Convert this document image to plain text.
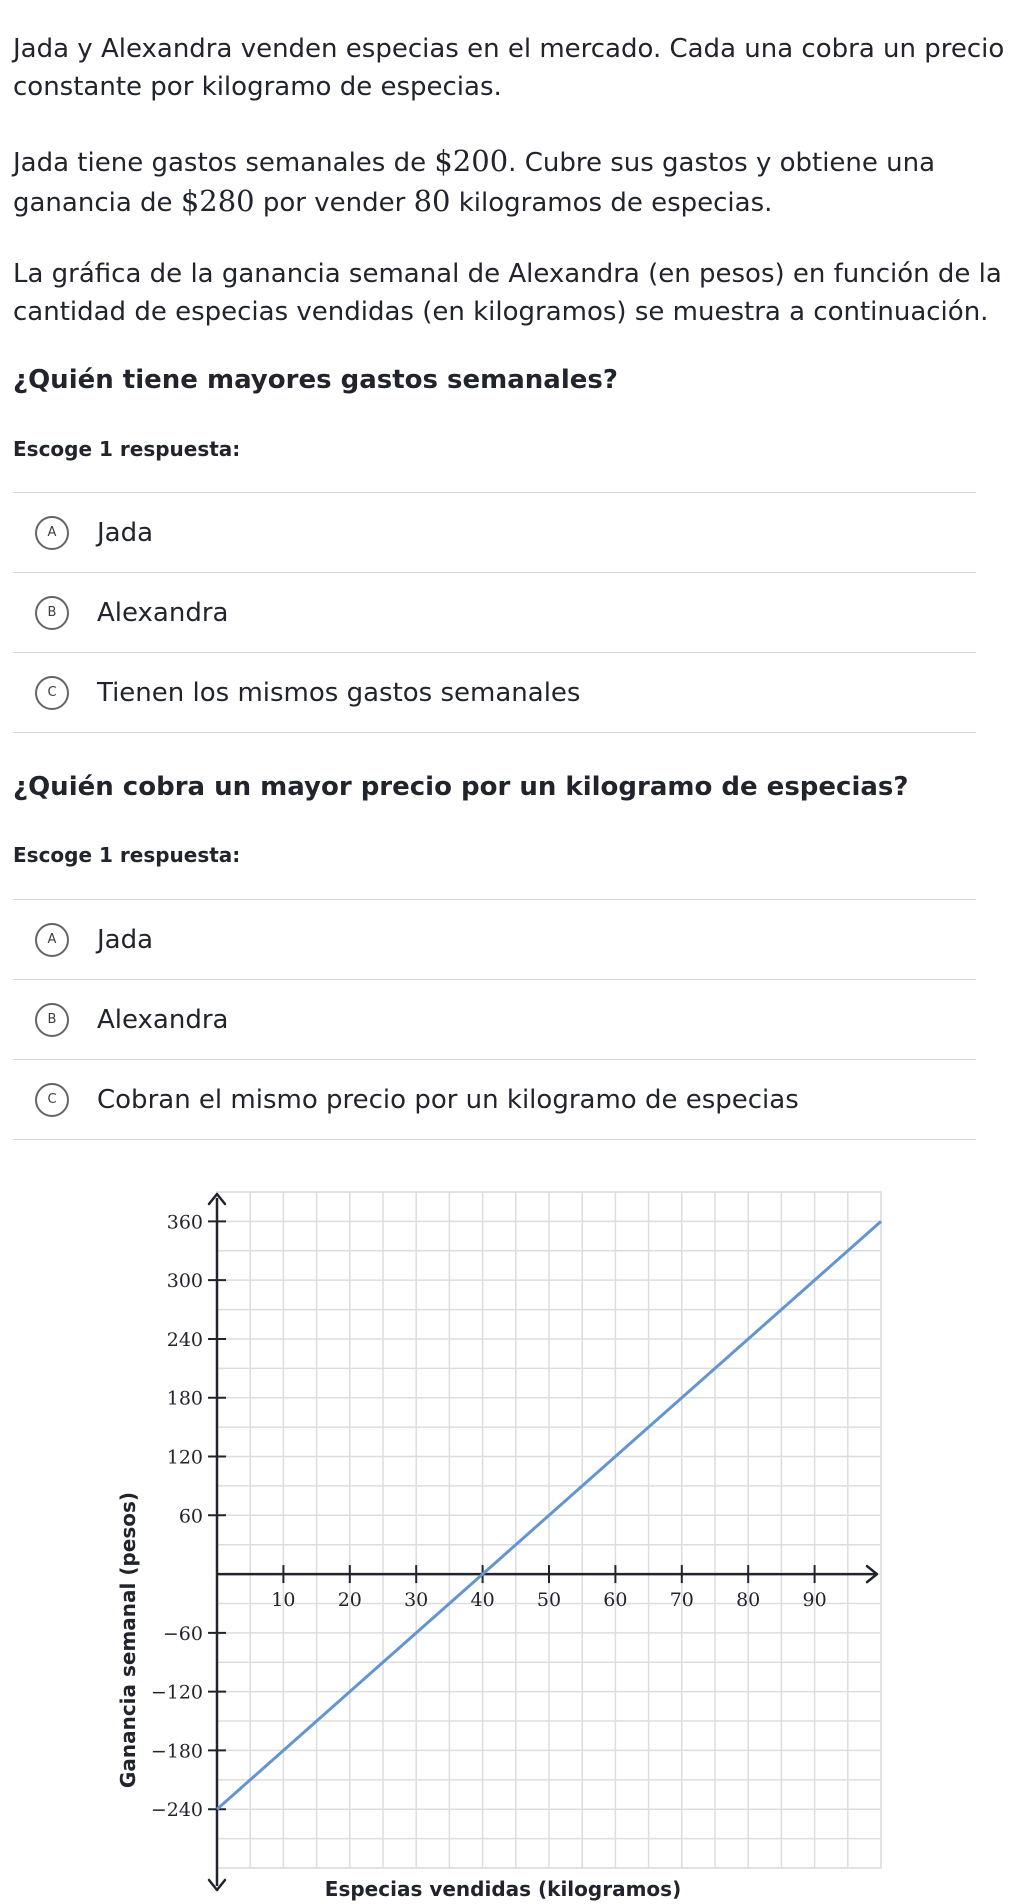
Jada y Alexandra venden especias en el mercado. Cada una cobra un precio constante por kilogramo de especias.

Jada tiene gastos semanales de $200. Cubre sus gastos y obtiene una ganancia de $280 por vender 80 kilogramos de especias.

La gráfica de la ganancia semanal de Alexandra (en pesos) en función de la cantidad de especias vendidas (en kilogramos) se muestra a continuación.

¿Quién tiene mayores gastos semanales?

Escoge 1 respuesta:

A	Jada
B	Alexandra
C	Tienen los mismos gastos semanales

¿Quién cobra un mayor precio por un kilogramo de especias?

Escoge 1 respuesta:

A	Jada
B	Alexandra
C	Cobran el mismo precio por un kilogramo de especias
10 20 30 40 50 60 70 80 90
360
300
240
180
120
60
−60
−120
−180
−240
Especias vendidas (kilogramos)
Ganancia semanal (pesos)
